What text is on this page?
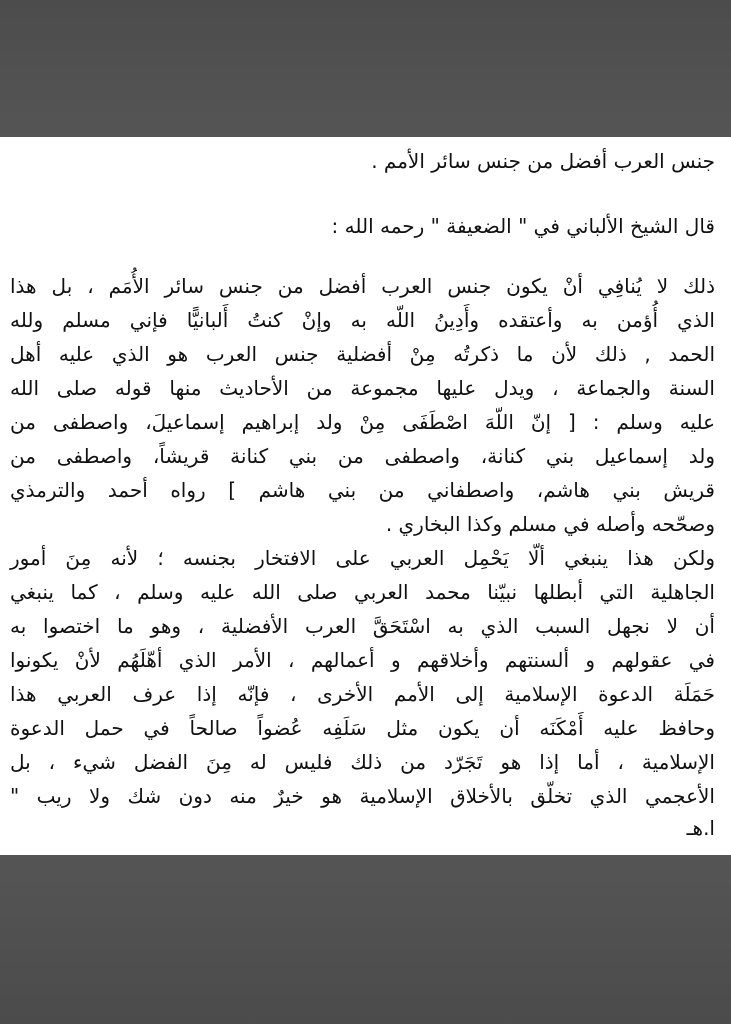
جنس العرب أفضل من جنس سائر الأمم .

قال الشيخ الألباني في " الضعيفة " رحمه الله :

ذلك لا يُنافِي أنْ يكون جنس العرب أفضل من جنس سائر الأُمَم ، بل هذا
الذي أُؤمن به وأعتقده وأَدِينُ اللّه به وإنْ كنتُ أَلبانيًّا فإني مسلم ولله
الحمد , ذلك لأن ما ذكرتُه مِنْ أفضلية جنس العرب هو الذي عليه أهل
السنة والجماعة ، ويدل عليها مجموعة من الأحاديث منها قوله صلى الله
عليه وسلم : [ إنّ اللّهَ اصْطَفَى مِنْ ولد إبراهيم إسماعيلَ، واصطفى من
ولد إسماعيل بني كنانة، واصطفى من بني كنانة قريشاً، واصطفى من
قريش بني هاشم، واصطفاني من بني هاشم ] رواه أحمد والترمذي
وصحّحه وأصله في مسلم وكذا البخاري .
ولكن هذا ينبغي ألّا يَحْمِل العربي على الافتخار بجنسه ؛ لأنه مِنَ أمور
الجاهلية التي أبطلها نبيّنا محمد العربي صلى الله عليه وسلم ، كما ينبغي
أن لا نجهل السبب الذي به اسْتَحَقَّ العرب الأفضلية ، وهو ما اختصوا به
في عقولهم و ألسنتهم وأخلاقهم و أعمالهم ، الأمر الذي أهّلَهُم لأنْ يكونوا
حَمَلَة الدعوة الإسلامية إلى الأمم الأخرى ، فإنّه إذا عرف العربي هذا
وحافظ عليه أَمْكَنَه أن يكون مثل سَلَفِه عُضواً صالحاً في حمل الدعوة
الإسلامية ، أما إذا هو تَجَرّد من ذلك فليس له مِنَ الفضل شيء ، بل
الأعجمي الذي تخلّق بالأخلاق الإسلامية هو خيرٌ منه دون شك ولا ريب "
ا.هـ
